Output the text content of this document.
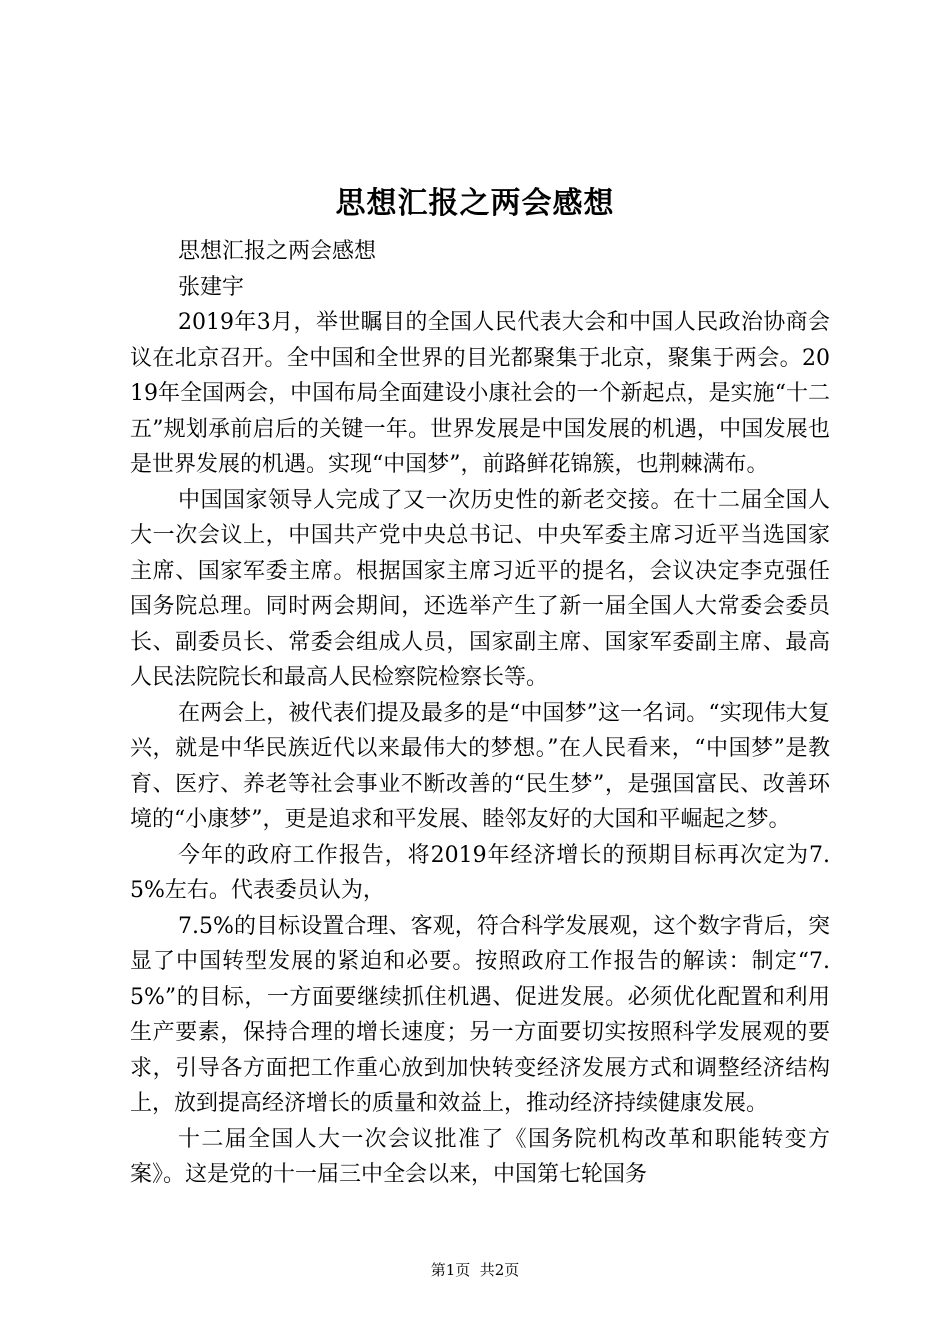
思想汇报之两会感想

思想汇报之两会感想

张建宇

2019年3月，举世瞩目的全国人民代表大会和中国人民政治协商会议在北京召开。全中国和全世界的目光都聚集于北京，聚集于两会。2019年全国两会，中国布局全面建设小康社会的一个新起点，是实施“十二五”规划承前启后的关键一年。世界发展是中国发展的机遇，中国发展也是世界发展的机遇。实现“中国梦”，前路鲜花锦簇，也荆棘满布。

中国国家领导人完成了又一次历史性的新老交接。在十二届全国人大一次会议上，中国共产党中央总书记、中央军委主席习近平当选国家主席、国家军委主席。根据国家主席习近平的提名，会议决定李克强任国务院总理。同时两会期间，还选举产生了新一届全国人大常委会委员长、副委员长、常委会组成人员，国家副主席、国家军委副主席、最高人民法院院长和最高人民检察院检察长等。

在两会上，被代表们提及最多的是“中国梦”这一名词。“实现伟大复兴，就是中华民族近代以来最伟大的梦想。”在人民看来，“中国梦”是教育、医疗、养老等社会事业不断改善的“民生梦”，是强国富民、改善环境的“小康梦”，更是追求和平发展、睦邻友好的大国和平崛起之梦。

今年的政府工作报告，将2019年经济增长的预期目标再次定为7.5%左右。代表委员认为，

7.5%的目标设置合理、客观，符合科学发展观，这个数字背后，突显了中国转型发展的紧迫和必要。按照政府工作报告的解读：制定“7.5%”的目标，一方面要继续抓住机遇、促进发展。必须优化配置和利用生产要素，保持合理的增长速度；另一方面要切实按照科学发展观的要求，引导各方面把工作重心放到加快转变经济发展方式和调整经济结构上，放到提高经济增长的质量和效益上，推动经济持续健康发展。

十二届全国人大一次会议批准了《国务院机构改革和职能转变方案》。这是党的十一届三中全会以来，中国第七轮国务

第1页  共2页
